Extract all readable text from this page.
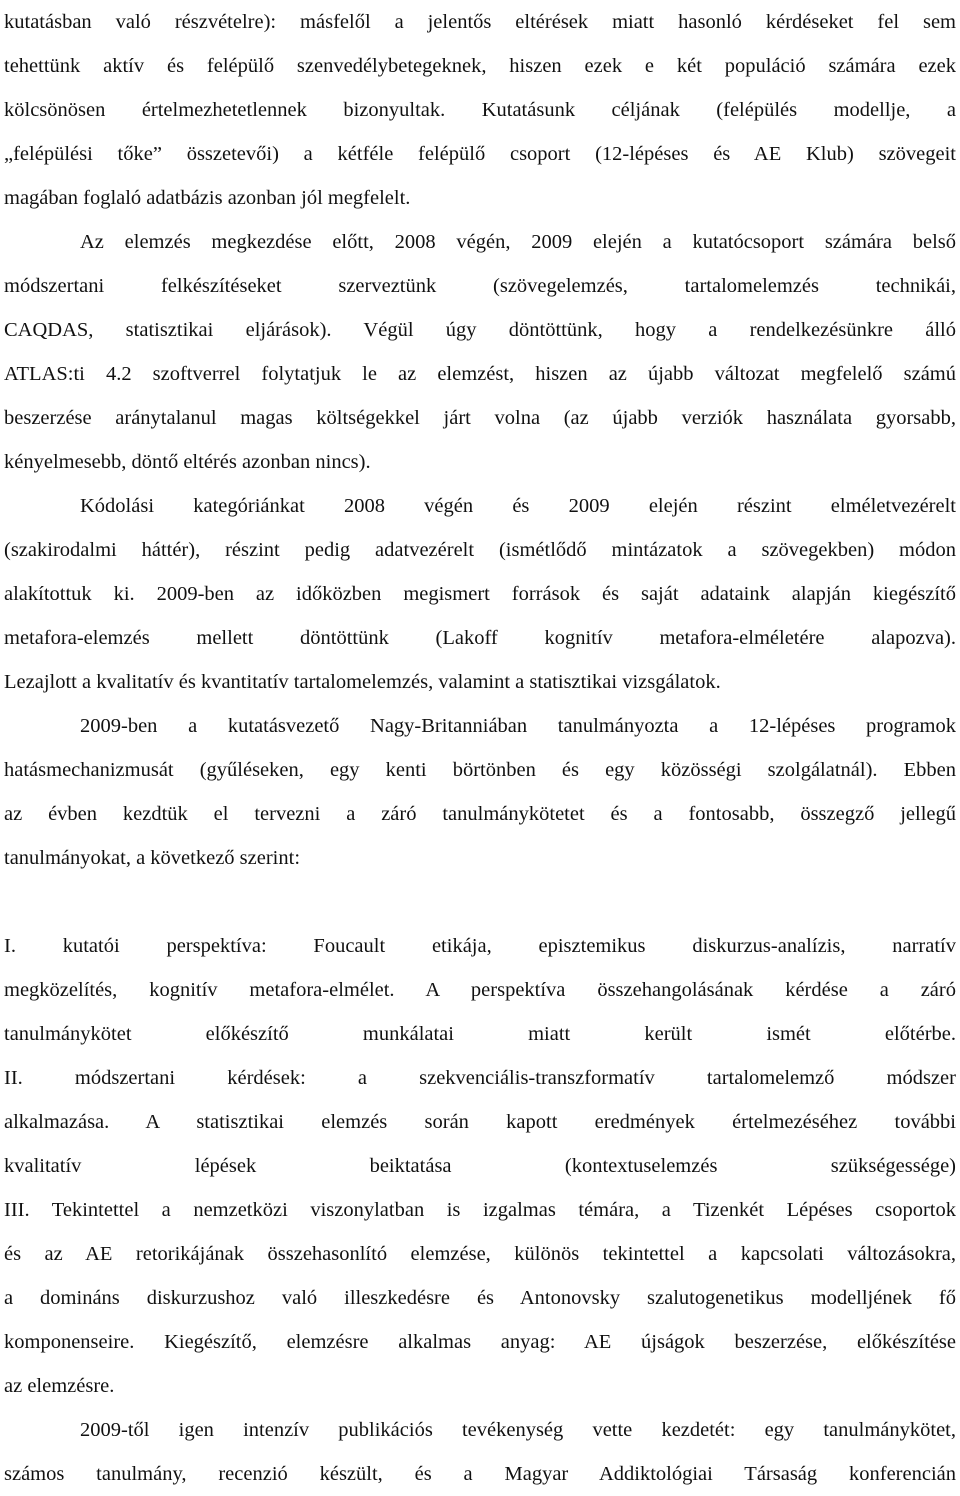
kutatásban való részvételre): másfelől a jelentős eltérések miatt hasonló kérdéseket fel sem
tehettünk aktív és felépülő szenvedélybetegeknek, hiszen ezek e két populáció számára ezek
kölcsönösen értelmezhetetlennek bizonyultak. Kutatásunk céljának (felépülés modellje, a
„felépülési tőke” összetevői) a kétféle felépülő csoport (12-lépéses és AE Klub) szövegeit
magában foglaló adatbázis azonban jól megfelelt.
Az elemzés megkezdése előtt, 2008 végén, 2009 elején a kutatócsoport számára belső
módszertani felkészítéseket szerveztünk (szövegelemzés, tartalomelemzés technikái,
CAQDAS, statisztikai eljárások). Végül úgy döntöttünk, hogy a rendelkezésünkre álló
ATLAS:ti 4.2 szoftverrel folytatjuk le az elemzést, hiszen az újabb változat megfelelő számú
beszerzése aránytalanul magas költségekkel járt volna (az újabb verziók használata gyorsabb,
kényelmesebb, döntő eltérés azonban nincs).
Kódolási kategóriánkat 2008 végén és 2009 elején részint elméletvezérelt
(szakirodalmi háttér), részint pedig adatvezérelt (ismétlődő mintázatok a szövegekben) módon
alakítottuk ki. 2009-ben az időközben megismert források és saját adataink alapján kiegészítő
metafora-elemzés mellett döntöttünk (Lakoff kognitív metafora-elméletére alapozva).
Lezajlott a kvalitatív és kvantitatív tartalomelemzés, valamint a statisztikai vizsgálatok.
2009-ben a kutatásvezető Nagy-Britanniában tanulmányozta a 12-lépéses programok
hatásmechanizmusát (gyűléseken, egy kenti börtönben és egy közösségi szolgálatnál). Ebben
az évben kezdtük el tervezni a záró tanulmánykötetet és a fontosabb, összegző jellegű
tanulmányokat, a következő szerint:
I. kutatói perspektíva: Foucault etikája, episztemikus diskurzus-analízis, narratív
megközelítés, kognitív metafora-elmélet. A perspektíva összehangolásának kérdése a záró
tanulmánykötet előkészítő munkálatai miatt került ismét előtérbe.
II. módszertani kérdések: a szekvenciális-transzformatív tartalomelemző módszer
alkalmazása. A statisztikai elemzés során kapott eredmények értelmezéséhez további
kvalitatív lépések beiktatása (kontextuselemzés szükségessége)
III. Tekintettel a nemzetközi viszonylatban is izgalmas témára, a Tizenkét Lépéses csoportok
és az AE retorikájának összehasonlító elemzése, különös tekintettel a kapcsolati változásokra,
a domináns diskurzushoz való illeszkedésre és Antonovsky szalutogenetikus modelljének fő
komponenseire. Kiegészítő, elemzésre alkalmas anyag: AE újságok beszerzése, előkészítése
az elemzésre.
2009-től igen intenzív publikációs tevékenység vette kezdetét: egy tanulmánykötet,
számos tanulmány, recenzió készült, és a Magyar Addiktológiai Társaság konferencián
